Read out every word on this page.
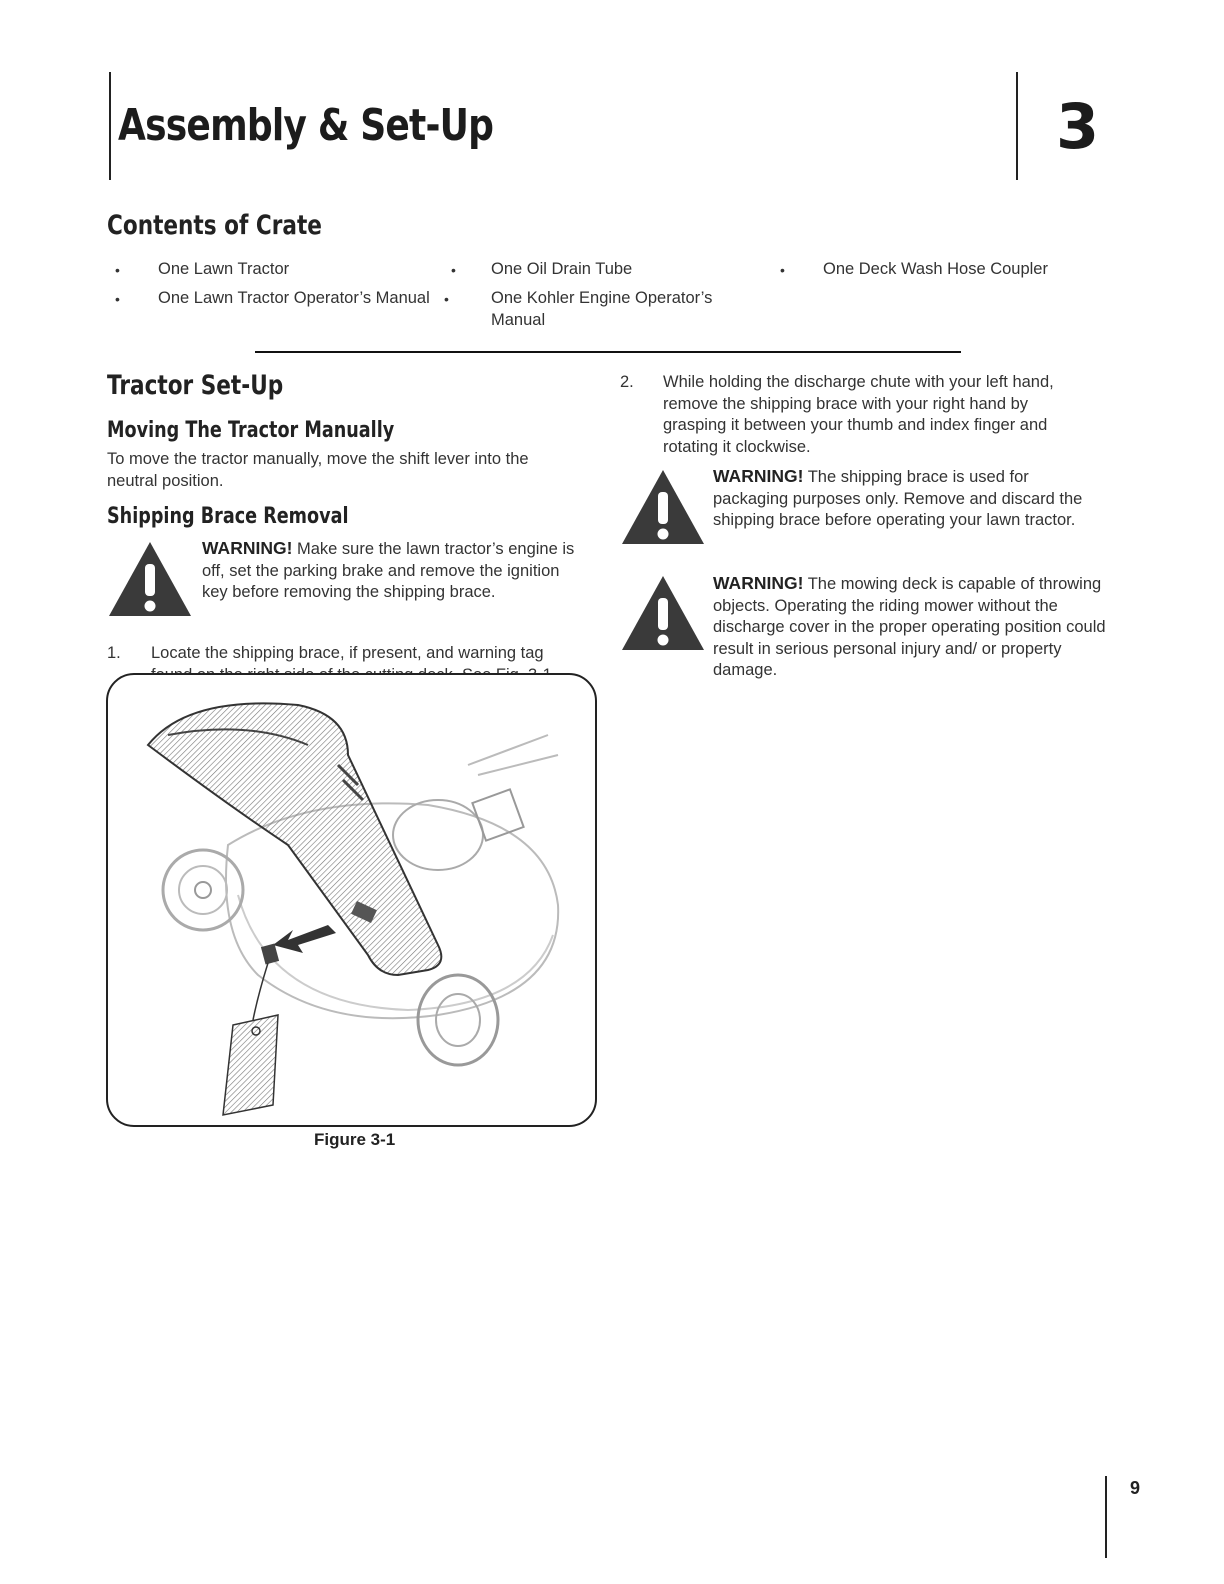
Assembly & Set-Up	3
Contents of Crate
• One Lawn Tractor	• One Oil Drain Tube	• One Deck Wash Hose Coupler
• One Lawn Tractor Operator’s Manual •	One Kohler Engine Operator’s Manual
Tractor Set-Up
Moving The Tractor Manually
To move the tractor manually, move the shift lever into the neutral position.
Shipping Brace Removal
WARNING! Make sure the lawn tractor’s engine is off, set the parking brake and remove the ignition key before removing the shipping brace.
1. Locate the shipping brace, if present, and warning tag
Figure 3-1
2. While holding the discharge chute with your left hand, remove the shipping brace with your right hand by grasping it between your thumb and index finger and rotating it clockwise.
WARNING! The shipping brace is used for packaging purposes only. Remove and discard the shipping brace before operating your lawn tractor.
WARNING! The mowing deck is capable of throwing objects. Operating the riding mower without the discharge cover in the proper operating position could result in serious personal injury and/ or property damage.
9
